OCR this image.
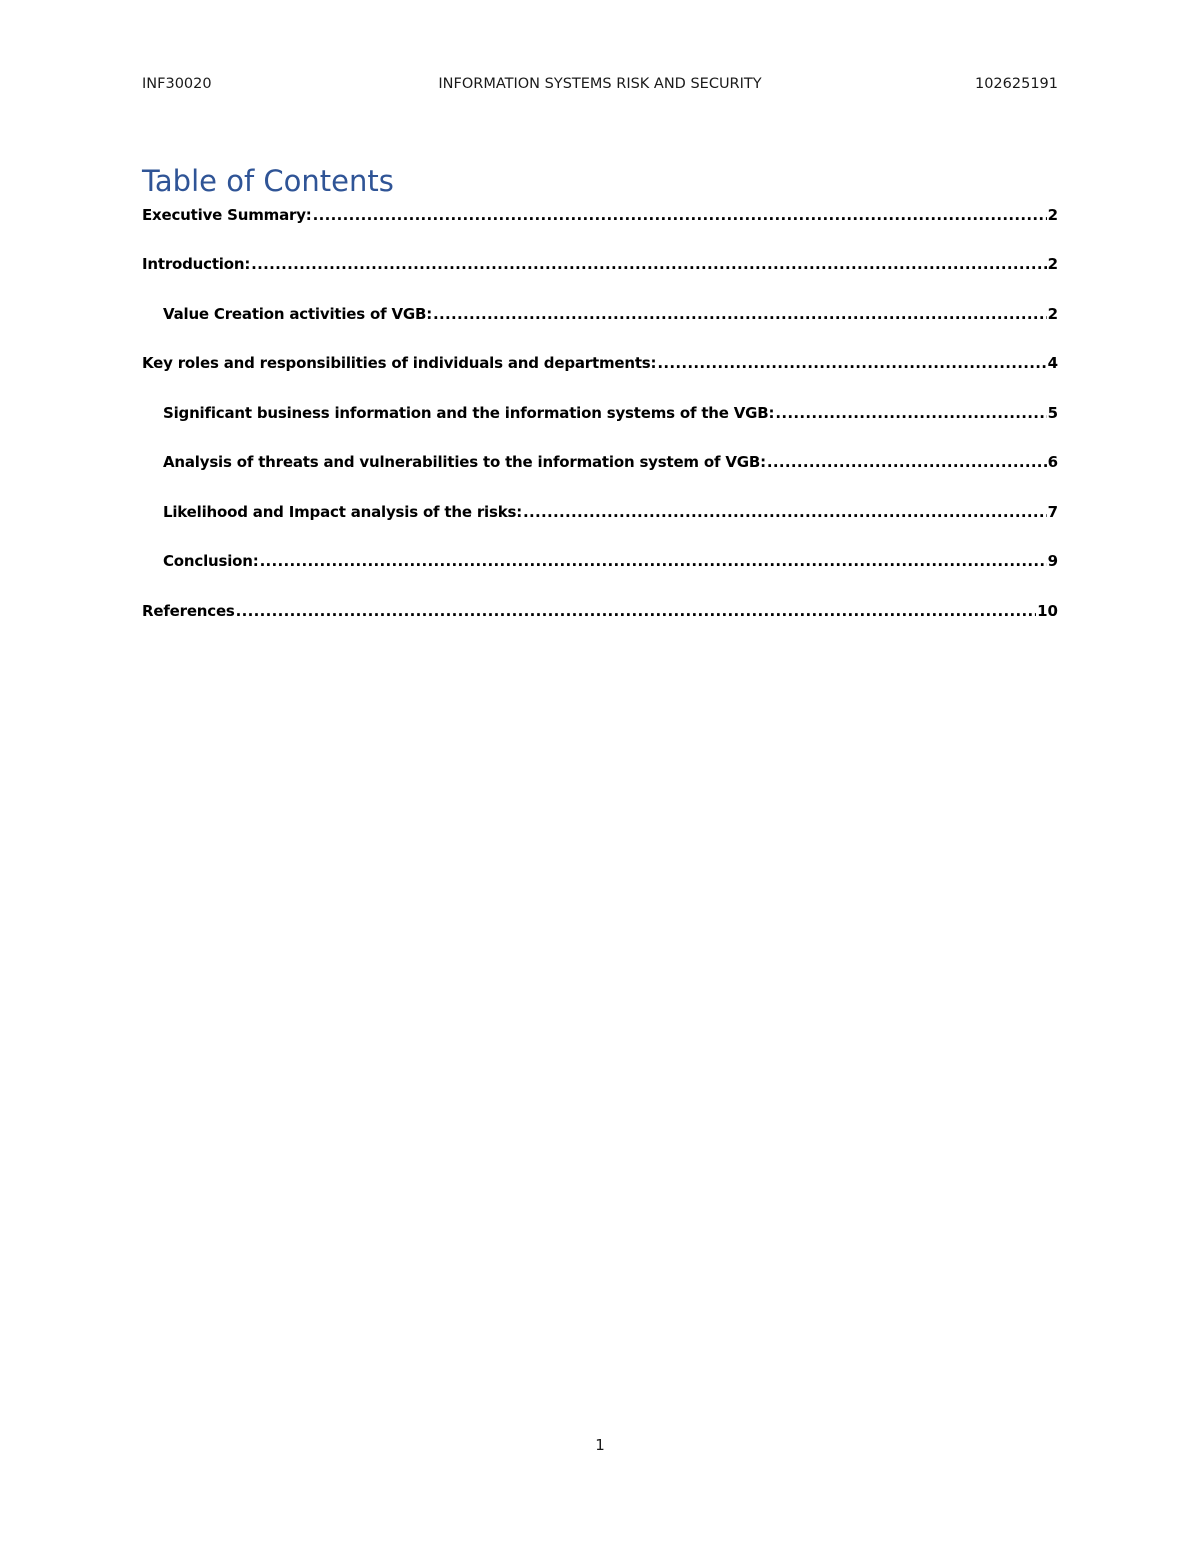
INF30020	INFORMATION SYSTEMS RISK AND SECURITY	102625191
Table of Contents
Executive Summary: .....	2
Introduction: .....	2
Value Creation activities of VGB: .....	2
Key roles and responsibilities of individuals and departments: .....	4
Significant business information and the information systems of the VGB: .....	5
Analysis of threats and vulnerabilities to the information system of VGB: .....	6
Likelihood and Impact analysis of the risks: .....	7
Conclusion: .....	9
References .....	10
1
